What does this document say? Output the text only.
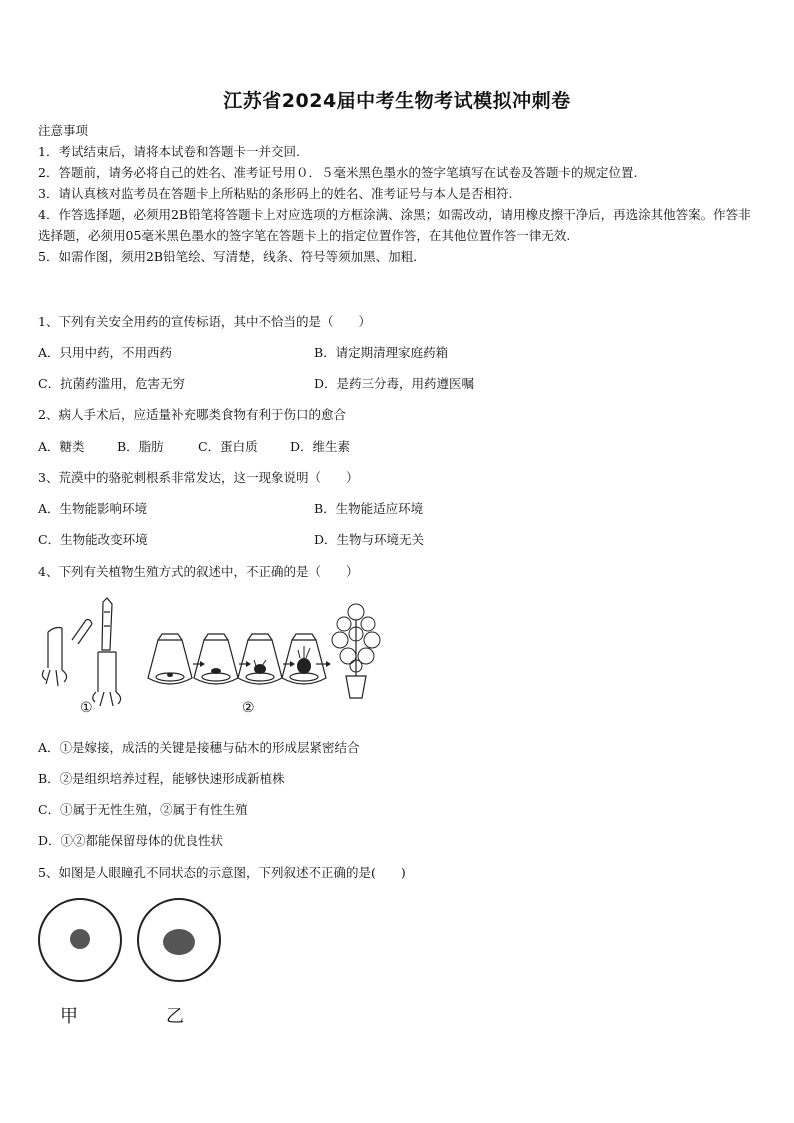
江苏省2024届中考生物考试模拟冲刺卷
注意事项
1．考试结束后，请将本试卷和答题卡一并交回.
2．答题前，请务必将自己的姓名、准考证号用０．５毫米黑色墨水的签字笔填写在试卷及答题卡的规定位置.
3．请认真核对监考员在答题卡上所粘贴的条形码上的姓名、准考证号与本人是否相符.
4．作答选择题，必须用2B铅笔将答题卡上对应选项的方框涂满、涂黑；如需改动，请用橡皮擦干净后，再选涂其他答案。作答非选择题，必须用05毫米黑色墨水的签字笔在答题卡上的指定位置作答，在其他位置作答一律无效.
5．如需作图，须用2B铅笔绘、写清楚，线条、符号等须加黑、加粗．
1、下列有关安全用药的宣传标语，其中不恰当的是（　　）
A．只用中药，不用西药	B．请定期清理家庭药箱
C．抗菌药滥用，危害无穷	D．是药三分毒，用药遵医嘱
2、病人手术后，应适量补充哪类食物有利于伤口的愈合
A．糖类	B．脂肪	C．蛋白质	D．维生素
3、荒漠中的骆驼刺根系非常发达，这一现象说明（　　）
A．生物能影响环境	B．生物能适应环境
C．生物能改变环境	D．生物与环境无关
4、下列有关植物生殖方式的叙述中，不正确的是（　　）
①	②
A．①是嫁接，成活的关键是接穗与砧木的形成层紧密结合
B．②是组织培养过程，能够快速形成新植株
C．①属于无性生殖，②属于有性生殖
D．①②都能保留母体的优良性状
5、如图是人眼瞳孔不同状态的示意图，下列叙述不正确的是(　　)
甲	乙
